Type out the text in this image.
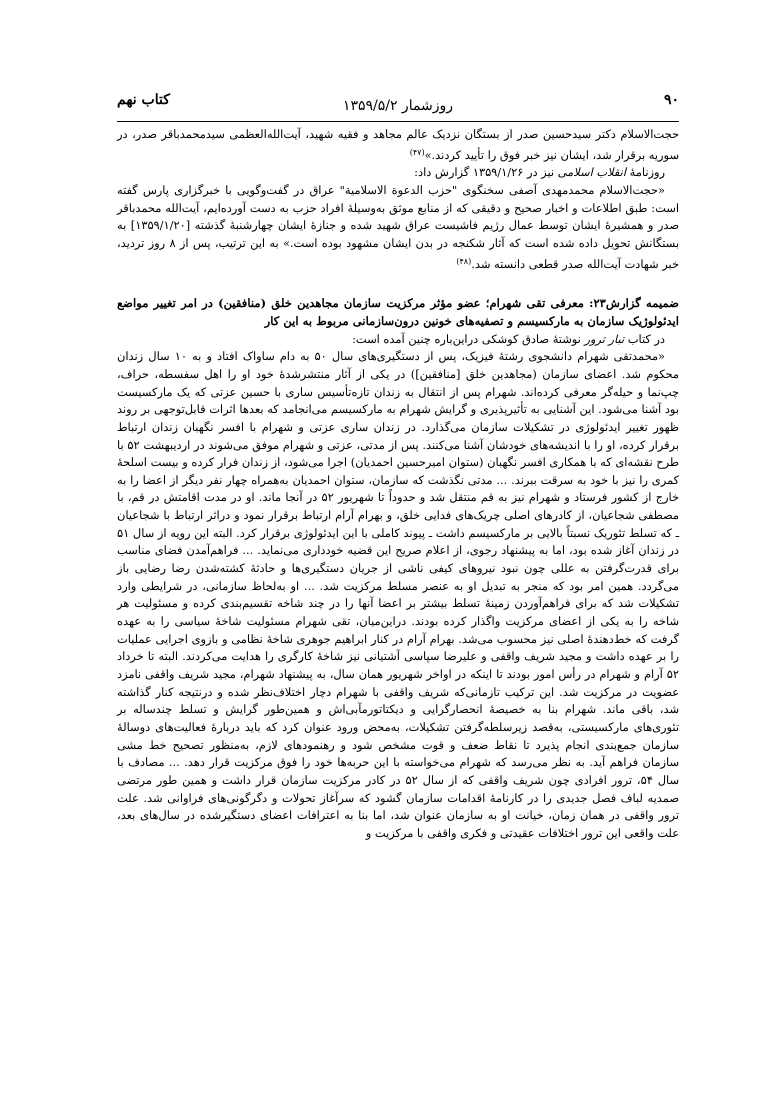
۹۰
روزشمار ۱۳۵۹/۵/۲
کتاب نهم

حجت‌الاسلام دکتر سیدحسین صدر از بستگان نزدیک عالم مجاهد و فقیه شهید، آیت‌الله‌العظمی سیدمحمدباقر صدر، در سوریه برقرار شد، ایشان نیز خبر فوق را تأیید کردند.»$^{(۴۷)}$

روزنامهٔ انقلاب اسلامی نیز در ۱۳۵۹/۱/۲۶ گزارش داد:

«حجت‌الاسلام محمدمهدی آصفی سخنگوی "حزب الدعوة الاسلامیة" عراق در گفت‌وگویی با خبرگزاری پارس گفته است: طبق اطلاعات و اخبار صحیح و دقیقی که از منابع موثق به‌وسیلهٔ افراد حزب به دست آورده‌ایم، آیت‌الله محمدباقر صدر و همشیرهٔ ایشان توسط عمال رژیم فاشیست عراق شهید شده و جنازهٔ ایشان چهارشنبهٔ گذشته [۱۳۵۹/۱/۲۰] به بستگانش تحویل داده شده است که آثار شکنجه در بدن ایشان مشهود بوده است.» به این ترتیب، پس از ۸ روز تردید، خبر شهادت آیت‌الله صدر قطعی دانسته شد.$^{(۴۸)}$

ضمیمه گزارش۲۳: معرفی تقی شهرام؛ عضو مؤثر مرکزیت سازمان مجاهدین خلق (منافقین) در امر تغییر مواضع ایدئولوژیک سازمان به مارکسیسم و تصفیه‌های خونین درون‌سازمانی مربوط به این کار

در کتاب تبار ترور نوشتهٔ صادق کوشکی دراین‌باره چنین آمده است:

«محمدتقی شهرام دانشجوی رشتهٔ فیزیک، پس از دستگیری‌های سال ۵۰ به دام ساواک افتاد و به ۱۰ سال زندان محکوم شد. اعضای سازمان (مجاهدین خلق [منافقین]) در یکی از آثار منتشرشدهٔ خود او را اهل سفسطه، حراف، چپ‌نما و حیله‌گر معرفی کرده‌اند. شهرام پس از انتقال به زندان تازه‌تأسیس ساری با حسین عزتی که یک مارکسیست بود آشنا می‌شود. این آشنایی به تأثیرپذیری و گرایش شهرام به مارکسیسم می‌انجامد که بعدها اثرات قابل‌توجهی بر روند ظهور تغییر ایدئولوژی در تشکیلات سازمان می‌گذارد. در زندان ساری عزتی و شهرام با افسر نگهبان زندان ارتباط برقرار کرده، او را با اندیشه‌های خودشان آشنا می‌کنند. پس از مدتی، عزتی و شهرام موفق می‌شوند در اردیبهشت ۵۲ با طرح نقشه‌ای که با همکاری افسر نگهبان (ستوان امیرحسین احمدیان) اجرا می‌شود، از زندان فرار کرده و بیست اسلحهٔ کمری را نیز با خود به سرقت ببرند. ... مدتی نگذشت که سازمان، ستوان احمدیان به‌همراه چهار نفر دیگر از اعضا را به خارج از کشور فرستاد و شهرام نیز به قم منتقل شد و حدوداً تا شهریور ۵۲ در آنجا ماند. او در مدت اقامتش در قم، با مصطفی شجاعیان، از کادرهای اصلی چریک‌های فدایی خلق، و بهرام آرام ارتباط برقرار نمود و دراثر ارتباط با شجاعیان ـ که تسلط تئوریک نسبتاً بالایی بر مارکسیسم داشت ـ پیوند کاملی با این ایدئولوژی برقرار کرد. البته این رویه از سال ۵۱ در زندان آغاز شده بود، اما به پیشنهاد رجوی، از اعلام صریح این قضیه خودداری می‌نماید. ... فراهم‌آمدن فضای مناسب برای قدرت‌گرفتن به عللی چون نبود نیروهای کیفی ناشی از جریان دستگیری‌ها و حادثهٔ کشته‌شدن رضا رضایی باز می‌گردد. همین امر بود که منجر به تبدیل او به عنصر مسلط مرکزیت شد. ... او به‌لحاظ سازمانی، در شرایطی وارد تشکیلات شد که برای فراهم‌آوردن زمینهٔ تسلط بیشتر بر اعضا آنها را در چند شاخه تقسیم‌بندی کرده و مسئولیت هر شاخه را به یکی از اعضای مرکزیت واگذار کرده بودند. دراین‌میان، تقی شهرام مسئولیت شاخهٔ سیاسی را به عهده گرفت که خط‌دهندهٔ اصلی نیز محسوب می‌شد. بهرام آرام در کنار ابراهیم جوهری شاخهٔ نظامی و بازوی اجرایی عملیات را بر عهده داشت و مجید شریف واقفی و علیرضا سپاسی آشتیانی نیز شاخهٔ کارگری را هدایت می‌کردند. البته تا خرداد ۵۲ آرام و شهرام در رأس امور بودند تا اینکه در اواخر شهریور همان سال، به پیشنهاد شهرام، مجید شریف واقفی نامزد عضویت در مرکزیت شد. این ترکیب تازمانی‌که شریف واقفی با شهرام دچار اختلاف‌نظر شده و درنتیجه کنار گذاشته شد، باقی ماند. شهرام بنا به خصیصهٔ انحصارگرایی و دیکتاتورمآبی‌اش و همین‌طور گرایش و تسلط چندساله بر تئوری‌های مارکسیستی، به‌قصد زیرسلطه‌گرفتن تشکیلات، به‌محض ورود عنوان کرد که باید دربارهٔ فعالیت‌های دوسالهٔ سازمان جمع‌بندی انجام پذیرد تا نقاط ضعف و قوت مشخص شود و رهنمودهای لازم، به‌منظور تصحیح خط مشی سازمان فراهم آید. به نظر می‌رسد که شهرام می‌خواسته با این حربه‌ها خود را فوق مرکزیت قرار دهد. ... مصادف با سال ۵۴، ترور افرادی چون شریف واقفی که از سال ۵۲ در کادر مرکزیت سازمان قرار داشت و همین طور مرتضی صمدیه لباف فصل جدیدی را در کارنامهٔ اقدامات سازمان گشود که سرآغاز تحولات و دگرگونی‌های فراوانی شد. علت ترور واقفی در همان زمان، خیانت او به سازمان عنوان شد، اما بنا به اعترافات اعضای دستگیرشده در سال‌های بعد، علت واقعی این ترور اختلافات عقیدتی و فکری واقفی با مرکزیت و
